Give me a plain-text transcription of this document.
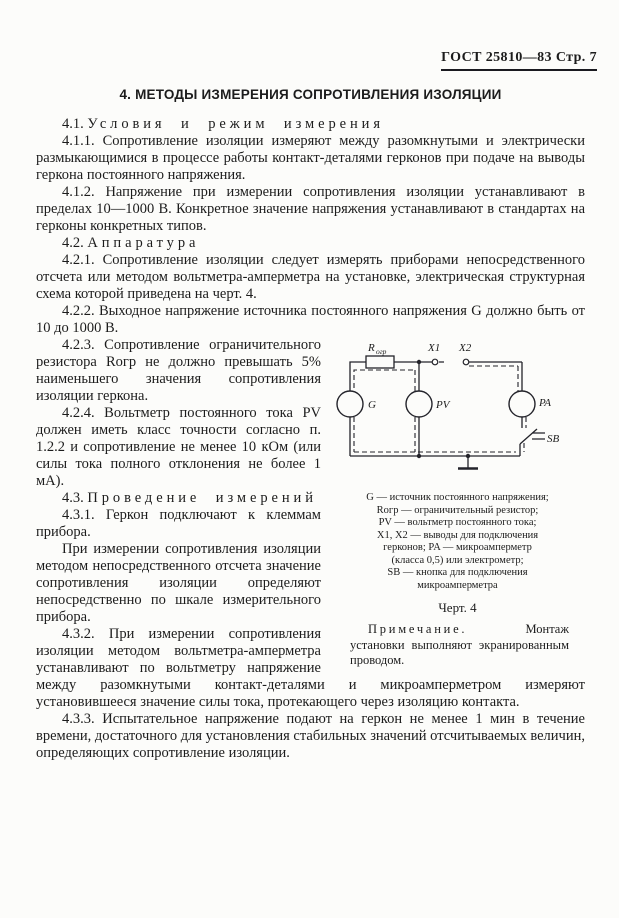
ГОСТ 25810—83 Стр. 7
4. МЕТОДЫ ИЗМЕРЕНИЯ СОПРОТИВЛЕНИЯ ИЗОЛЯЦИИ

4.1. Условия и режим измерения

4.1.1. Сопротивление изоляции измеряют между разомкнутыми и электрически размыкающимися в процессе работы контакт-деталями герконов при подаче на выводы геркона постоянного напряжения.

4.1.2. Напряжение при измерении сопротивления изоляции устанавливают в пределах 10—1000 В. Конкретное значение напряжения устанавливают в стандартах на герконы конкретных типов.

4.2. Аппаратура

4.2.1. Сопротивление изоляции следует измерять приборами непосредственного отсчета или методом вольтметра-амперметра на установке, электрическая структурная схема которой приведена на черт. 4.

4.2.2. Выходное напряжение источника постоянного напряжения G должно быть от 10 до 1000 В.

R огр	X1 X2
G	PV	PA
SB
G — источник постоянного напряжения;
Rогр — ограничительный резистор;
PV — вольтметр постоянного тока;
X1, X2 — выводы для подключения
герконов; PA — микроамперметр
(класса 0,5) или электрометр;
SB — кнопка для подключения
микроамперметра
Черт. 4

Примечание.	Монтаж установки выполняют экранированным проводом.

4.2.3. Сопротивление ограничительного резистора Rогр не должно превышать 5% наименьшего значения сопротивления изоляции геркона.

4.2.4. Вольтметр постоянного тока PV должен иметь класс точности согласно п. 1.2.2 и сопротивление не менее 10 кОм (или силы тока полного отклонения не более 1 мА).

4.3. Проведение измерений

4.3.1. Геркон подключают к клеммам прибора.

При измерении сопротивления изоляции методом непосредственного отсчета значение сопротивления изоляции определяют непосредственно по шкале измерительного прибора.

4.3.2. При измерении сопротивления изоляции методом вольтметра-амперметра устанавливают по вольтметру напряжение между разомкнутыми контакт-деталями и микроамперметром измеряют установившееся значение силы тока, протекающего через изоляцию контакта.

4.3.3. Испытательное напряжение подают на геркон не менее 1 мин в течение времени, достаточного для установления стабильных значений отсчитываемых величин, определяющих сопротивление изоляции.
